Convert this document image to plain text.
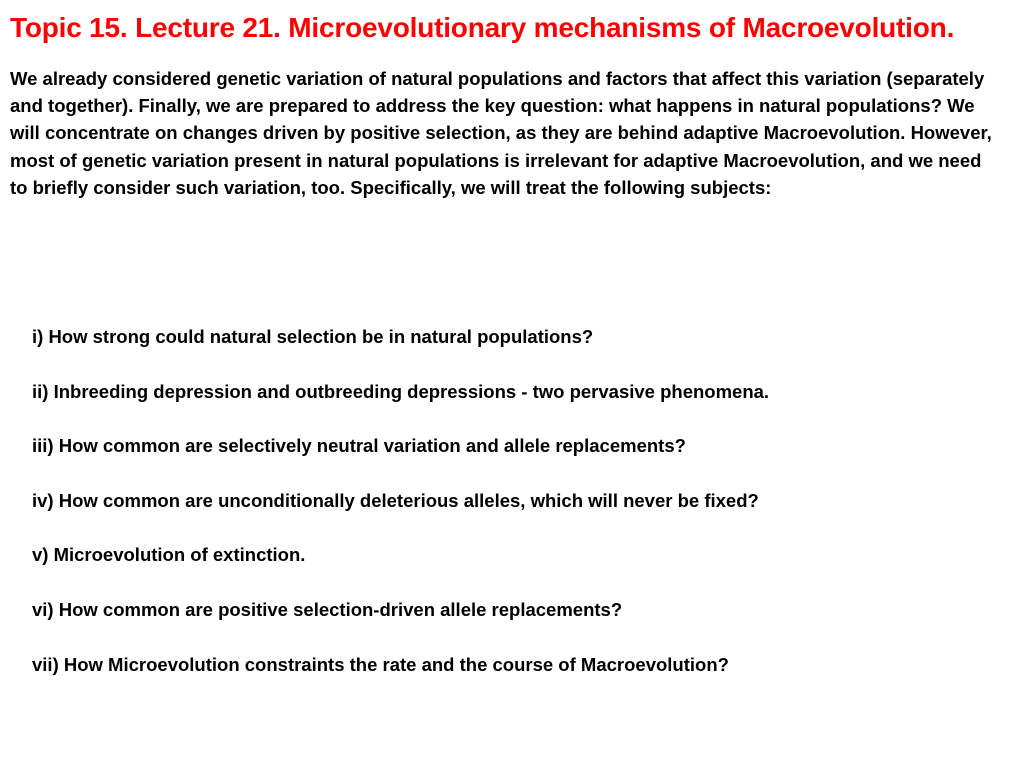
Topic 15. Lecture 21. Microevolutionary mechanisms of Macroevolution.

We already considered genetic variation of natural populations and factors that affect this variation (separately and together). Finally, we are prepared to address the key question: what happens in natural populations? We will concentrate on changes driven by positive selection, as they are behind adaptive Macroevolution. However, most of genetic variation present in natural populations is irrelevant for adaptive Macroevolution, and we need to briefly consider such variation, too. Specifically, we will treat the following subjects:

i) How strong could natural selection be in natural populations?
ii) Inbreeding depression and outbreeding depressions - two pervasive phenomena.
iii) How common are selectively neutral variation and allele replacements?
iv) How common are unconditionally deleterious alleles, which will never be fixed?
v) Microevolution of extinction.
vi) How common are positive selection-driven allele replacements?
vii) How Microevolution constraints the rate and the course of Macroevolution?
